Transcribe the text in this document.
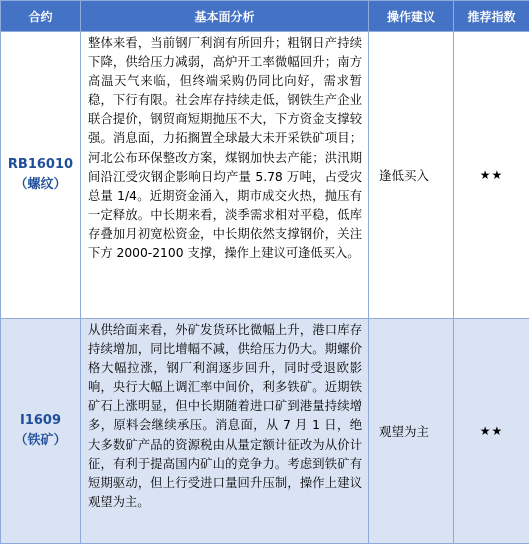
合约	基本面分析	操作建议	推荐指数

RB16010
（螺纹）	整体来看，当前钢厂利润有所回升；粗钢日产持续下降，供给压力减弱，高炉开工率微幅回升；南方高温天气来临，但终端采购仍同比向好，需求暂稳，下行有限。社会库存持续走低，钢铁生产企业联合提价，钢贸商短期抛压不大，下方资金支撑较强。消息面，力拓搁置全球最大未开采铁矿项目；河北公布环保整改方案，煤钢加快去产能；洪汛期间沿江受灾钢企影响日均产量 5.78 万吨，占受灾总量 1/4。近期资金涌入，期市成交火热，抛压有一定释放。中长期来看，淡季需求相对平稳，低库存叠加月初宽松资金，中长期依然支撑钢价，关注下方 2000-2100 支撑，操作上建议可逢低买入。	逢低买入	★★

I1609
（铁矿）	从供给面来看，外矿发货环比微幅上升，港口库存持续增加，同比增幅不减，供给压力仍大。期螺价格大幅拉涨，钢厂利润逐步回升，同时受退欧影响，央行大幅上调汇率中间价，利多铁矿。近期铁矿石上涨明显，但中长期随着进口矿到港量持续增多，原料会继续承压。消息面，从 7 月 1 日，绝大多数矿产品的资源税由从量定额计征改为从价计征，有利于提高国内矿山的竞争力。考虑到铁矿有短期驱动，但上行受进口量回升压制，操作上建议观望为主。	观望为主	★★
